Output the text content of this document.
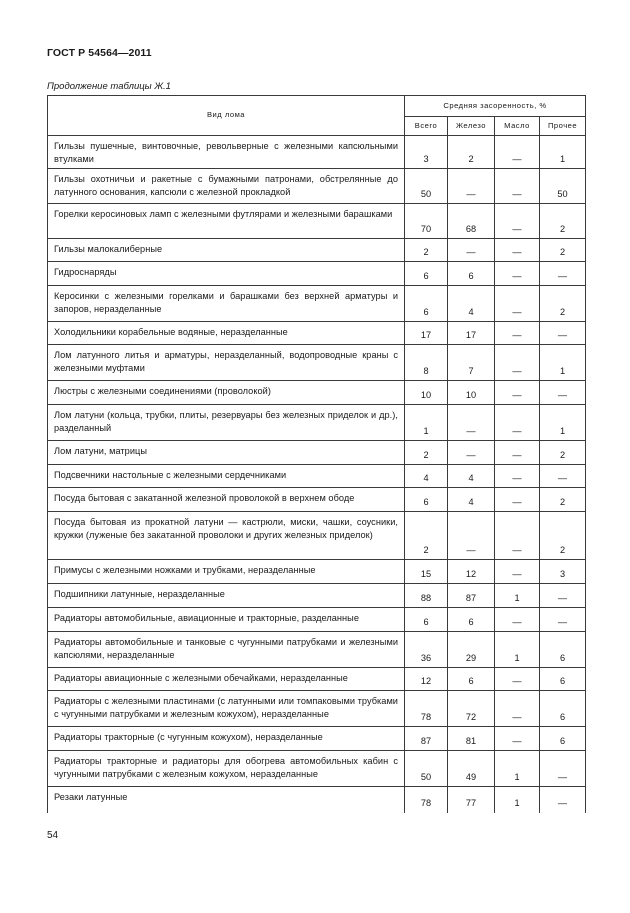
ГОСТ Р 54564—2011
Продолжение таблицы Ж.1
Вид лома	Средняя засоренность, %			
	Всего	Железо	Масло	Прочее
Гильзы пушечные, винтовочные, револьверные с железными капсюльными втулками	3	2	—	1
Гильзы охотничьи и ракетные с бумажными патронами, обстрелянные до латунного основания, капсюли с железной прокладкой	50	—	—	50
Горелки керосиновых ламп с железными футлярами и железными барашками	70	68	—	2
Гильзы малокалиберные	2	—	—	2
Гидроснаряды	6	6	—	—
Керосинки с железными горелками и барашками без верхней арматуры и запоров, неразделанные	6	4	—	2
Холодильники корабельные водяные, неразделанные	17	17	—	—
Лом латунного литья и арматуры, неразделанный, водопроводные краны с железными муфтами	8	7	—	1
Люстры с железными соединениями (проволокой)	10	10	—	—
Лом латуни (кольца, трубки, плиты, резервуары без железных приделок и др.), разделанный	1	—	—	1
Лом латуни, матрицы	2	—	—	2
Подсвечники настольные с железными сердечниками	4	4	—	—
Посуда бытовая с закатанной железной проволокой в верхнем ободе	6	4	—	2
Посуда бытовая из прокатной латуни — кастрюли, миски, чашки, соусники, кружки (луженые без закатанной проволоки и других железных приделок)	2	—	—	2
Примусы с железными ножками и трубками, неразделанные	15	12	—	3
Подшипники латунные, неразделанные	88	87	1	—
Радиаторы автомобильные, авиационные и тракторные, разделанные	6	6	—	—
Радиаторы автомобильные и танковые с чугунными патрубками и железными капсюлями, неразделанные	36	29	1	6
Радиаторы авиационные с железными обечайками, неразделанные	12	6	—	6
Радиаторы с железными пластинами (с латунными или томпаковыми трубками с чугунными патрубками и железным кожухом), неразделанные	78	72	—	6
Радиаторы тракторные (с чугунным кожухом), неразделанные	87	81	—	6
Радиаторы тракторные и радиаторы для обогрева автомобильных кабин с чугунными патрубками с железным кожухом, неразделанные	50	49	1	—
Резаки латунные	78	77	1	—
54
